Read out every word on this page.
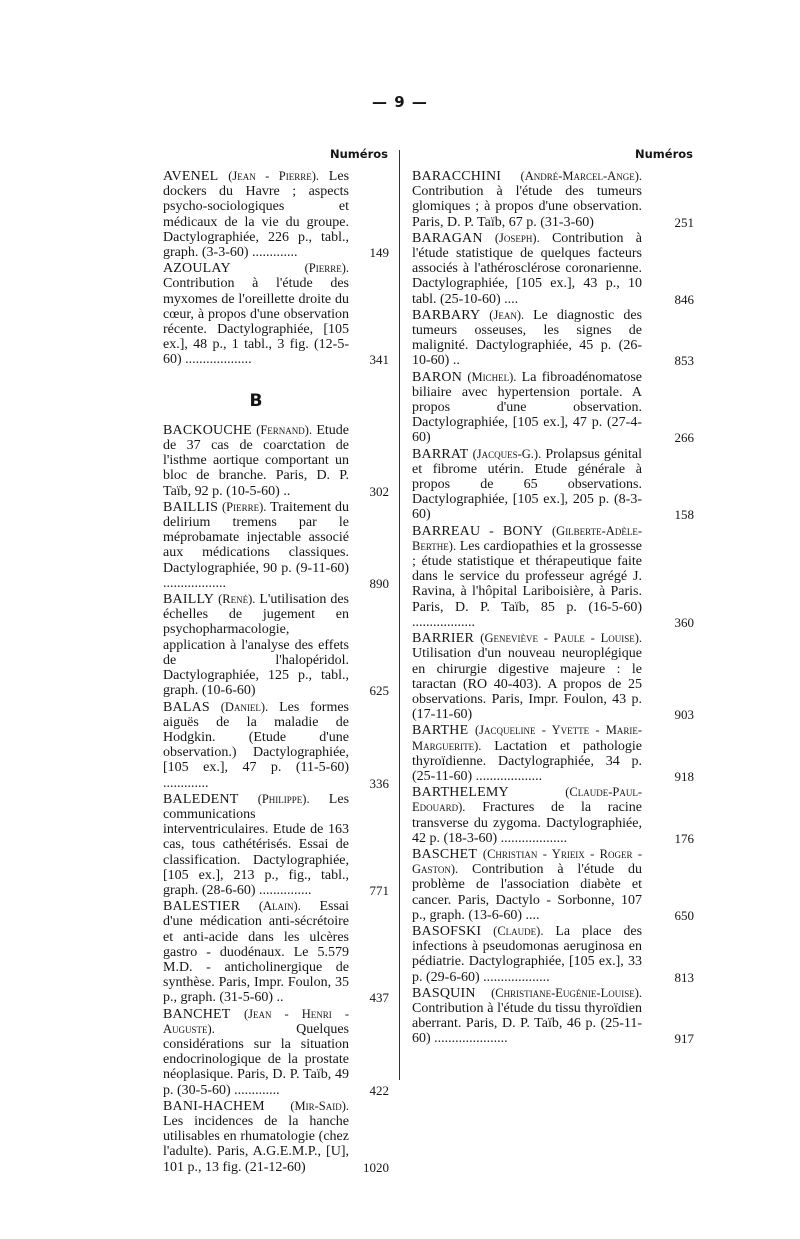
— 9 —
Numéros	Numéros
AVENEL (Jean - Pierre). Les dockers du Havre ; aspects psycho-sociologiques et médicaux de la vie du groupe. Dactylographiée, 226 p., tabl., graph. (3-3-60) .............	149
AZOULAY	(Pierre). Contribution à l'étude des myxomes de l'oreillette droite du cœur, à propos d'une observation récente. Dactylographiée, [105 ex.], 48 p., 1 tabl., 3 fig. (12-5-60) ...................	341
B
BACKOUCHE (Fernand). Etude de 37 cas de coarctation de l'isthme aortique comportant un bloc de branche. Paris, D. P. Taïb, 92 p. (10-5-60) ..	302
BAILLIS (Pierre). Traitement du delirium tremens par le méprobamate injectable associé aux médications classiques. Dactylographiée, 90 p. (9-11-60) ..................	890
BAILLY (René). L'utilisation des échelles de jugement en psychopharmacologie, application à l'analyse des effets de l'halopéridol. Dactylographiée, 125 p., tabl., graph. (10-6-60)	625
BALAS (Daniel). Les formes aiguës de la maladie de Hodgkin. (Etude d'une observation.) Dactylographiée, [105 ex.], 47 p. (11-5-60) .............	336
BALEDENT (Philippe). Les communications interventriculaires. Etude de 163 cas, tous cathétérisés. Essai de classification. Dactylographiée, [105 ex.], 213 p., fig., tabl., graph. (28-6-60) ...............	771
BALESTIER (Alain). Essai d'une médication anti-sécrétoire et anti-acide dans les ulcères gastro - duodénaux. Le 5.579 M.D. - anticholinergique de synthèse. Paris, Impr. Foulon, 35 p., graph. (31-5-60) ..	437
BANCHET (Jean - Henri - Auguste).	Quelques considérations sur la situation endocrinologique de la prostate néoplasique. Paris, D. P. Taïb, 49 p. (30-5-60) .............	422
BANI-HACHEM (Mir-Said). Les incidences de la hanche utilisables en rhumatologie (chez l'adulte). Paris, A.G.E.M.P., [U], 101 p., 13 fig. (21-12-60)	1020
BARACCHINI (André-Marcel-Ange). Contribution à l'étude des tumeurs glomiques ; à propos d'une observation. Paris, D. P. Taïb, 67 p. (31-3-60)	251
BARAGAN (Joseph). Contribution à l'étude statistique de quelques facteurs associés à l'athérosclérose coronarienne. Dactylographiée, [105 ex.], 43 p., 10 tabl. (25-10-60) ....	846
BARBARY (Jean). Le diagnostic des tumeurs osseuses, les signes de malignité. Dactylographiée, 45 p. (26-10-60) ..	853
BARON (Michel). La fibroadénomatose biliaire avec hypertension portale. A propos d'une observation. Dactylographiée, [105 ex.], 47 p. (27-4-60)	266
BARRAT (Jacques-G.). Prolapsus génital et fibrome utérin. Etude générale à propos de 65 observations. Dactylographiée, [105 ex.], 205 p. (8-3-60)	158
BARREAU - BONY (Gilberte-Adèle-Berthe). Les cardiopathies et la grossesse ; étude statistique et thérapeutique faite dans le service du professeur agrégé J. Ravina, à l'hôpital Lariboisière, à Paris. Paris, D. P. Taïb, 85 p. (16-5-60) ..................	360
BARRIER (Geneviève - Paule - Louise). Utilisation d'un nouveau neuroplégique en chirurgie digestive majeure : le taractan (RO 40-403). A propos de 25 observations. Paris, Impr. Foulon, 43 p. (17-11-60)	903
BARTHE (Jacqueline - Yvette - Marie-Marguerite). Lactation et pathologie thyroïdienne. Dactylographiée, 34 p. (25-11-60) ...................	918
BARTHELEMY	(Claude-Paul-Edouard). Fractures de la racine transverse du zygoma. Dactylographiée, 42 p. (18-3-60) ...................	176
BASCHET (Christian - Yrieix - Roger - Gaston). Contribution à l'étude du problème de l'association diabète et cancer. Paris, Dactylo - Sorbonne, 107 p., graph. (13-6-60) ....	650
BASOFSKI (Claude). La place des infections à pseudomonas aeruginosa en pédiatrie. Dactylographiée, [105 ex.], 33 p. (29-6-60) ...................	813
BASQUIN (Christiane-Eugénie-Louise). Contribution à l'étude du tissu thyroïdien aberrant. Paris, D. P. Taïb, 46 p. (25-11-60) .....................	917
